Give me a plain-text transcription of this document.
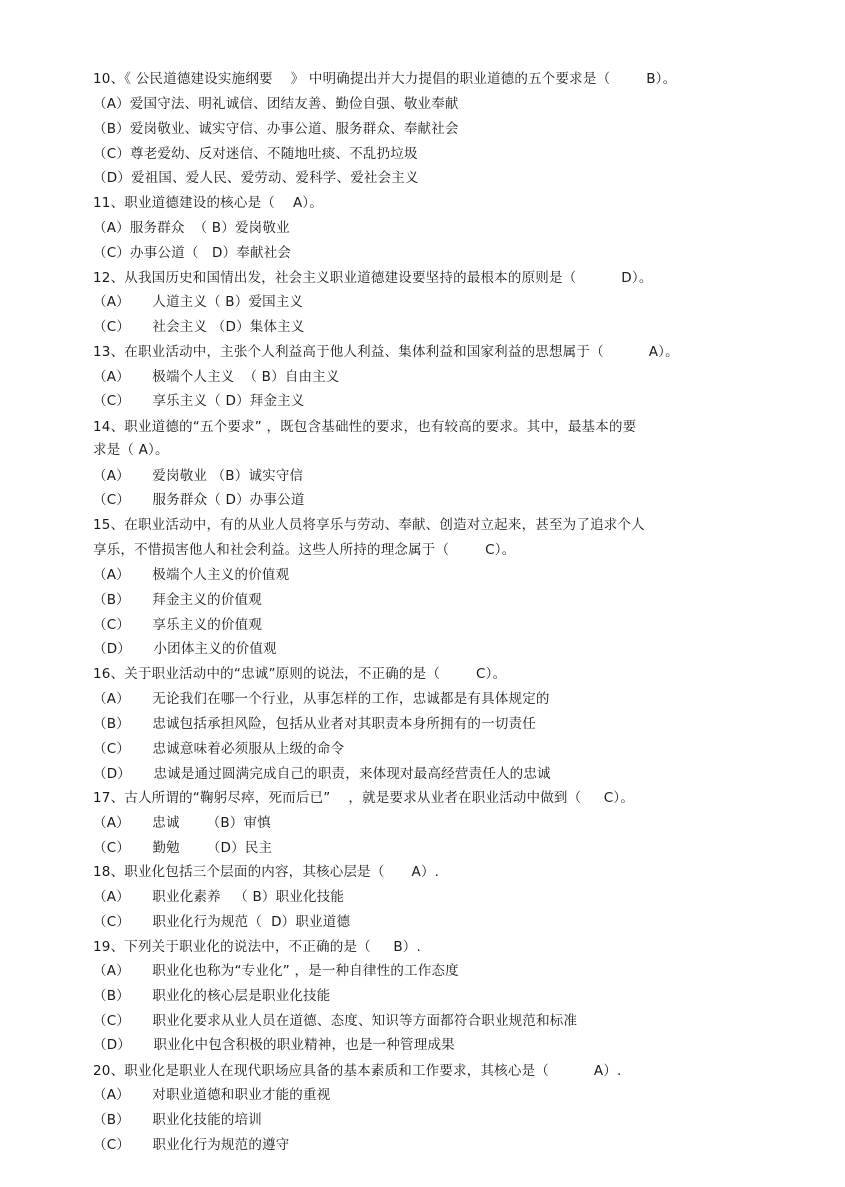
10、《 公民道德建设实施纲要    》 中明确提出并大力提倡的职业道德的五个要求是（        B）。
（A）爱国守法、明礼诚信、团结友善、勤俭自强、敬业奉献
（B）爱岗敬业、诚实守信、办事公道、服务群众、奉献社会
（C）尊老爱幼、反对迷信、不随地吐痰、不乱扔垃圾
（D）爱祖国、爱人民、爱劳动、爱科学、爱社会主义
11、职业道德建设的核心是（    A）。
（A）服务群众  （ B）爱岗敬业
（C）办事公道（   D）奉献社会
12、从我国历史和国情出发，社会主义职业道德建设要坚持的最根本的原则是（          D）。
（A）     人道主义（ B）爱国主义
（C）     社会主义 （D）集体主义
13、在职业活动中，主张个人利益高于他人利益、集体利益和国家利益的思想属于（          A）。
（A）     极端个人主义  （ B）自由主义
（C）     享乐主义（ D）拜金主义
14、职业道德的“五个要求” ，既包含基础性的要求，也有较高的要求。其中，最基本的要
求是（ A）。
（A）     爱岗敬业 （B）诚实守信
（C）     服务群众（ D）办事公道
15、在职业活动中，有的从业人员将享乐与劳动、奉献、创造对立起来，甚至为了追求个人
享乐，不惜损害他人和社会利益。这些人所持的理念属于（        C）。
（A）     极端个人主义的价值观
（B）     拜金主义的价值观
（C）     享乐主义的价值观
（D）     小团体主义的价值观
16、关于职业活动中的“忠诚”原则的说法，不正确的是（        C）。
（A）     无论我们在哪一个行业，从事怎样的工作，忠诚都是有具体规定的
（B）     忠诚包括承担风险，包括从业者对其职责本身所拥有的一切责任
（C）     忠诚意味着必须服从上级的命令
（D）     忠诚是通过圆满完成自己的职责，来体现对最高经营责任人的忠诚
17、古人所谓的“鞠躬尽瘁，死而后已”    ，就是要求从业者在职业活动中做到（     C）。
（A）     忠诚      （B）审慎
（C）     勤勉      （D）民主
18、职业化包括三个层面的内容，其核心层是（      A）.
（A）     职业化素养   （ B）职业化技能
（C）     职业化行为规范（  D）职业道德
19、下列关于职业化的说法中，不正确的是（     B）.
（A）     职业化也称为“专业化” ，是一种自律性的工作态度
（B）     职业化的核心层是职业化技能
（C）     职业化要求从业人员在道德、态度、知识等方面都符合职业规范和标准
（D）     职业化中包含积极的职业精神，也是一种管理成果
20、职业化是职业人在现代职场应具备的基本素质和工作要求，其核心是（          A）.
（A）     对职业道德和职业才能的重视
（B）     职业化技能的培训
（C）     职业化行为规范的遵守
